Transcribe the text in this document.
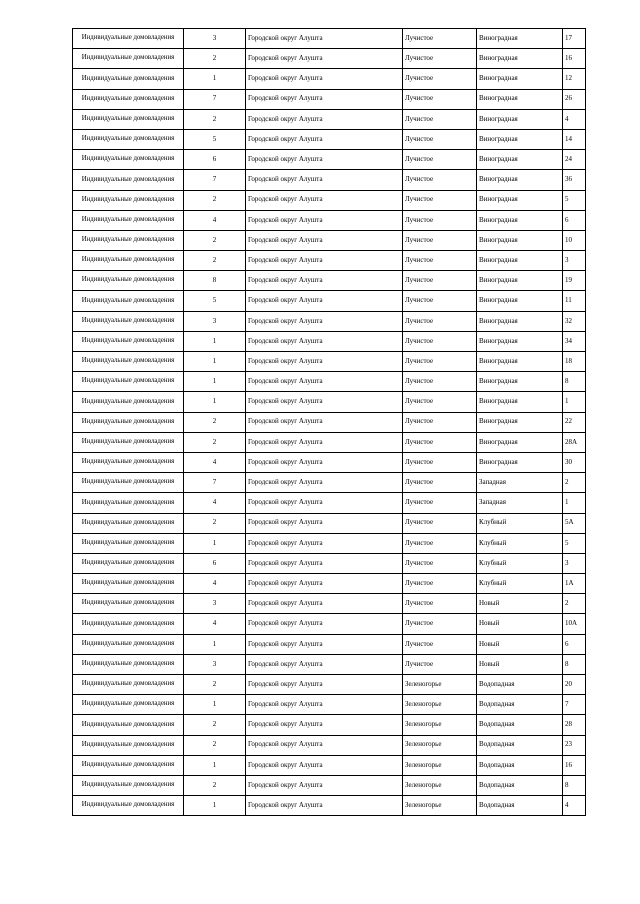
Индивидуальные домовладения	3	Городской округ Алушта	Лучистое	Виноградная	17
Индивидуальные домовладения	2	Городской округ Алушта	Лучистое	Виноградная	16
Индивидуальные домовладения	1	Городской округ Алушта	Лучистое	Виноградная	12
Индивидуальные домовладения	7	Городской округ Алушта	Лучистое	Виноградная	26
Индивидуальные домовладения	2	Городской округ Алушта	Лучистое	Виноградная	4
Индивидуальные домовладения	5	Городской округ Алушта	Лучистое	Виноградная	14
Индивидуальные домовладения	6	Городской округ Алушта	Лучистое	Виноградная	24
Индивидуальные домовладения	7	Городской округ Алушта	Лучистое	Виноградная	36
Индивидуальные домовладения	2	Городской округ Алушта	Лучистое	Виноградная	5
Индивидуальные домовладения	4	Городской округ Алушта	Лучистое	Виноградная	6
Индивидуальные домовладения	2	Городской округ Алушта	Лучистое	Виноградная	10
Индивидуальные домовладения	2	Городской округ Алушта	Лучистое	Виноградная	3
Индивидуальные домовладения	8	Городской округ Алушта	Лучистое	Виноградная	19
Индивидуальные домовладения	5	Городской округ Алушта	Лучистое	Виноградная	11
Индивидуальные домовладения	3	Городской округ Алушта	Лучистое	Виноградная	32
Индивидуальные домовладения	1	Городской округ Алушта	Лучистое	Виноградная	34
Индивидуальные домовладения	1	Городской округ Алушта	Лучистое	Виноградная	18
Индивидуальные домовладения	1	Городской округ Алушта	Лучистое	Виноградная	8
Индивидуальные домовладения	1	Городской округ Алушта	Лучистое	Виноградная	1
Индивидуальные домовладения	2	Городской округ Алушта	Лучистое	Виноградная	22
Индивидуальные домовладения	2	Городской округ Алушта	Лучистое	Виноградная	28А
Индивидуальные домовладения	4	Городской округ Алушта	Лучистое	Виноградная	30
Индивидуальные домовладения	7	Городской округ Алушта	Лучистое	Западная	2
Индивидуальные домовладения	4	Городской округ Алушта	Лучистое	Западная	1
Индивидуальные домовладения	2	Городской округ Алушта	Лучистое	Клубный	5А
Индивидуальные домовладения	1	Городской округ Алушта	Лучистое	Клубный	5
Индивидуальные домовладения	6	Городской округ Алушта	Лучистое	Клубный	3
Индивидуальные домовладения	4	Городской округ Алушта	Лучистое	Клубный	1А
Индивидуальные домовладения	3	Городской округ Алушта	Лучистое	Новый	2
Индивидуальные домовладения	4	Городской округ Алушта	Лучистое	Новый	10А
Индивидуальные домовладения	1	Городской округ Алушта	Лучистое	Новый	6
Индивидуальные домовладения	3	Городской округ Алушта	Лучистое	Новый	8
Индивидуальные домовладения	2	Городской округ Алушта	Зеленогорье	Водопадная	20
Индивидуальные домовладения	1	Городской округ Алушта	Зеленогорье	Водопадная	7
Индивидуальные домовладения	2	Городской округ Алушта	Зеленогорье	Водопадная	28
Индивидуальные домовладения	2	Городской округ Алушта	Зеленогорье	Водопадная	23
Индивидуальные домовладения	1	Городской округ Алушта	Зеленогорье	Водопадная	16
Индивидуальные домовладения	2	Городской округ Алушта	Зеленогорье	Водопадная	8
Индивидуальные домовладения	1	Городской округ Алушта	Зеленогорье	Водопадная	4
